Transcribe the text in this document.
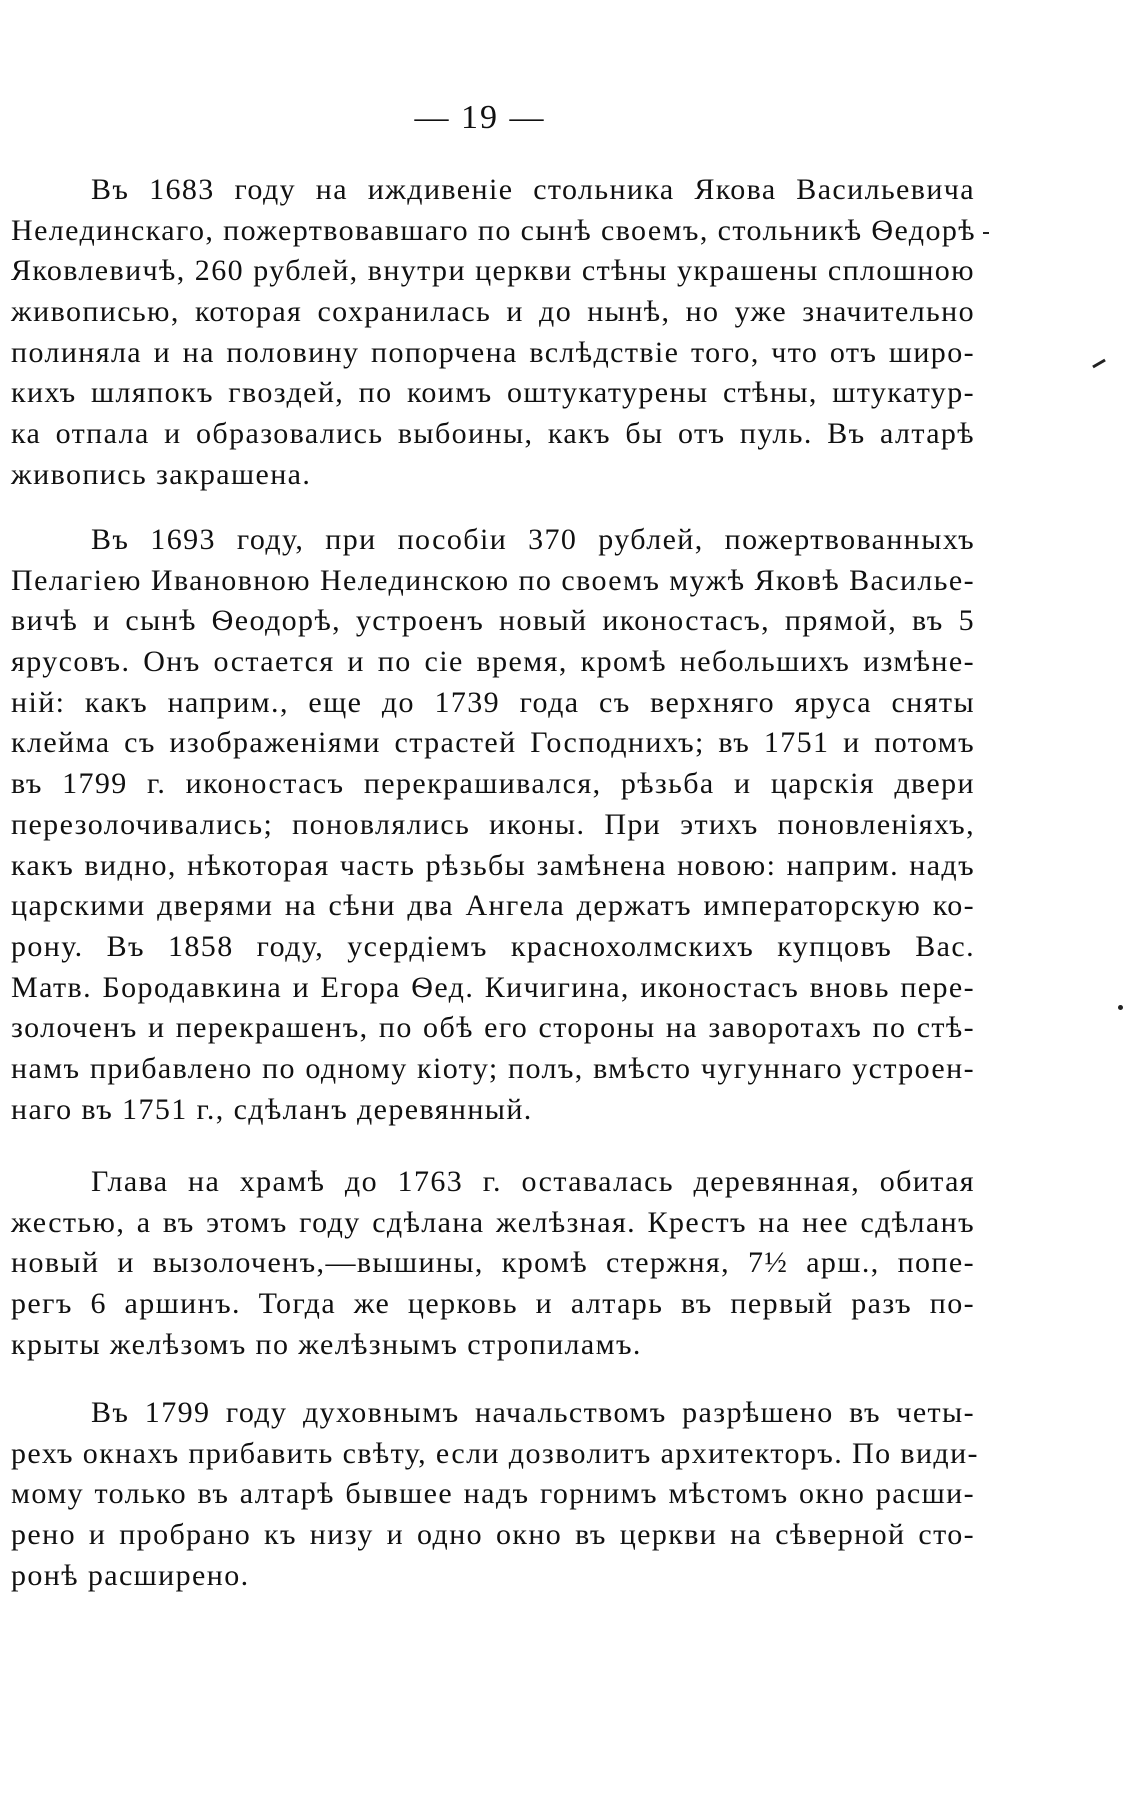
— 19 —
Въ 1683 году на иждивеніе стольника Якова Васильевича
Нелединскаго, пожертвовавшаго по сынѣ своемъ, стольникѣ Ѳедорѣ
Яковлевичѣ, 260 рублей, внутри церкви стѣны украшены сплошною
живописью, которая сохранилась и до нынѣ, но уже значительно
полиняла и на половину попорчена вслѣдствіе того, что отъ широ-
кихъ шляпокъ гвоздей, по коимъ оштукатурены стѣны, штукатур-
ка отпала и образовались выбоины, какъ бы отъ пуль. Въ алтарѣ
живопись закрашена.
Въ 1693 году, при пособіи 370 рублей, пожертвованныхъ
Пелагіею Ивановною Нелединскою по своемъ мужѣ Яковѣ Василье-
вичѣ и сынѣ Ѳеодорѣ, устроенъ новый иконостасъ, прямой, въ 5
ярусовъ. Онъ остается и по сіе время, кромѣ небольшихъ измѣне-
ній: какъ наприм., еще до 1739 года съ верхняго яруса сняты
клейма съ изображеніями страстей Господнихъ; въ 1751 и потомъ
въ 1799 г. иконостасъ перекрашивался, рѣзьба и царскія двери
перезолочивались; поновлялись иконы. При этихъ поновленіяхъ,
какъ видно, нѣкоторая часть рѣзьбы замѣнена новою: наприм. надъ
царскими дверями на сѣни два Ангела держатъ императорскую ко-
рону. Въ 1858 году, усердіемъ краснохолмскихъ купцовъ Вас.
Матв. Бородавкина и Егора Ѳед. Кичигина, иконостасъ вновь пере-
золоченъ и перекрашенъ, по обѣ его стороны на заворотахъ по стѣ-
намъ прибавлено по одному кіоту; полъ, вмѣсто чугуннаго устроен-
наго въ 1751 г., сдѣланъ деревянный.
Глава на храмѣ до 1763 г. оставалась деревянная, обитая
жестью, а въ этомъ году сдѣлана желѣзная. Крестъ на нее сдѣланъ
новый и вызолоченъ,—вышины, кромѣ стержня, 7½ арш., попе-
регъ 6 аршинъ. Тогда же церковь и алтарь въ первый разъ по-
крыты желѣзомъ по желѣзнымъ стропиламъ.
Въ 1799 году духовнымъ начальствомъ разрѣшено въ четы-
рехъ окнахъ прибавить свѣту, если дозволитъ архитекторъ. По види-
мому только въ алтарѣ бывшее надъ горнимъ мѣстомъ окно расши-
рено и пробрано къ низу и одно окно въ церкви на сѣверной сто-
ронѣ расширено.
